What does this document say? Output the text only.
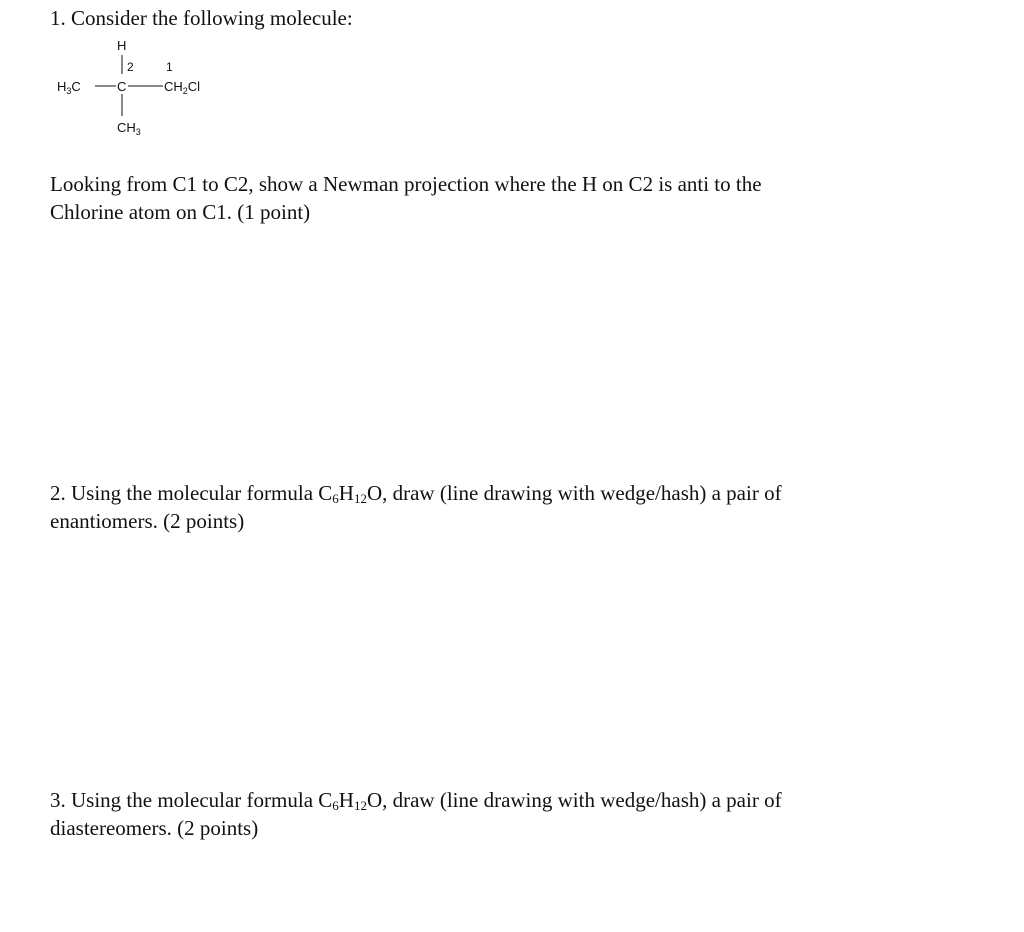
1. Consider the following molecule:

H
2	1
$H_3C$	C	$CH_2Cl$
$CH_3$

Looking from C1 to C2, show a Newman projection where the H on C2 is anti to the
Chlorine atom on C1. (1 point)

2. Using the molecular formula $C_6H_{12}O$, draw (line drawing with wedge/hash) a pair of
enantiomers. (2 points)

3. Using the molecular formula $C_6H_{12}O$, draw (line drawing with wedge/hash) a pair of
diastereomers. (2 points)
